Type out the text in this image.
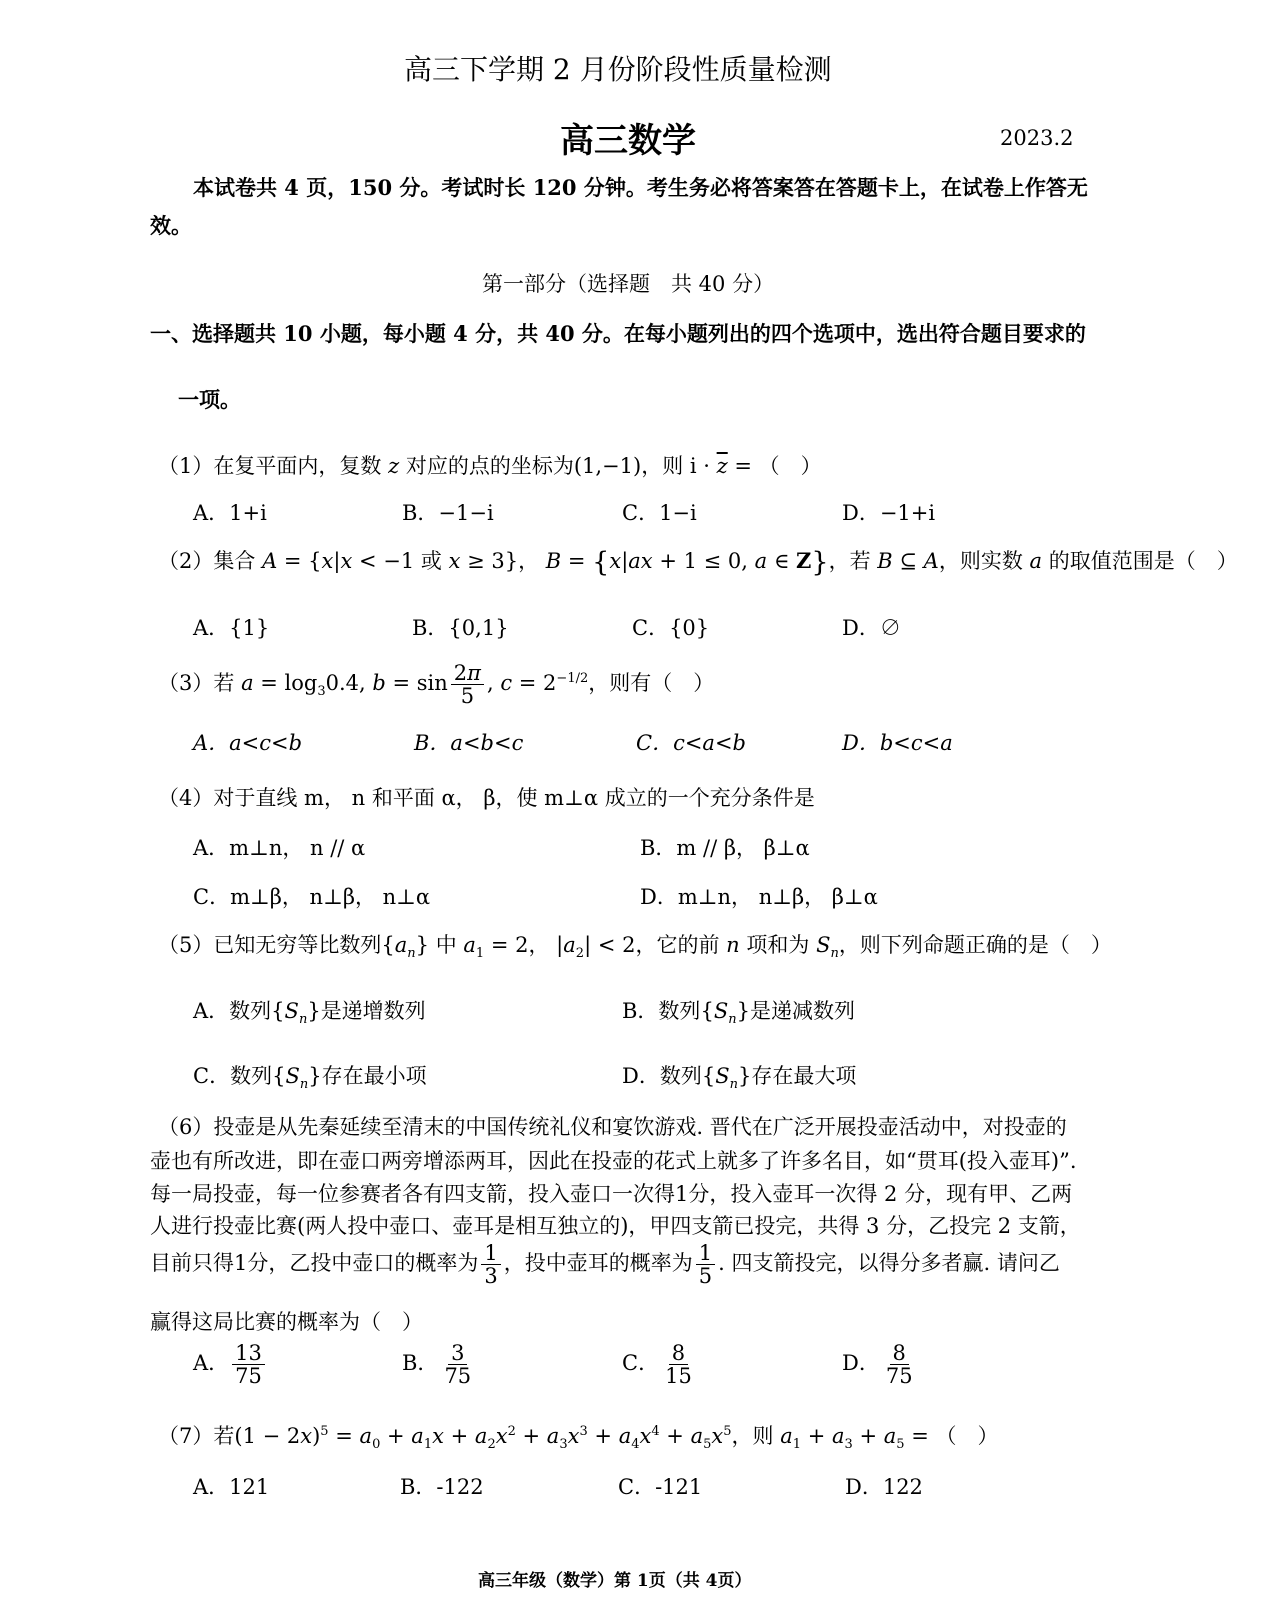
高三下学期 2 月份阶段性质量检测
高三数学	2023.2
本试卷共 4 页，150 分。考试时长 120 分钟。考生务必将答案答在答题卡上，在试卷上作答无
效。
第一部分（选择题　共 40 分）
一、选择题共 10 小题，每小题 4 分，共 40 分。在每小题列出的四个选项中，选出符合题目要求的
一项。
（1）在复平面内，复数 z 对应的点的坐标为(1,−1)，则 $i \cdot \overline{z}$ = （　）
A．1+i	B．−1−i	C．1−i	D．−1+i
（2）集合 A = {x|x < −1 或 x ≥ 3}， B = {x|ax + 1 ≤ 0, a ∈ Z}，若 B ⊆ A，则实数 a 的取值范围是（　）
A．{1}	B．{0,1}	C．{0}	D．∅
（3）若 $a = \log_30.4$, $b = \sin \frac{2\pi}{5}$ , $c = 2^{-1/2}$，则有（　）
A．a<c<b	B．a<b<c	C．c<a<b	D．b<c<a
（4）对于直线 m， n 和平面 α， β，使 m⊥α 成立的一个充分条件是
A．m⊥n， n // α	B．m // β， β⊥α
C．m⊥β， n⊥β， n⊥α	D．m⊥n， n⊥β， β⊥α
（5）已知无穷等比数列$\{a_n\}$ 中 $a_1 = 2$， $|a_2| < 2$，它的前 n 项和为 $S_n$，则下列命题正确的是（　）
A．数列$\{S_n\}$是递增数列	B．数列$\{S_n\}$是递减数列
C．数列$\{S_n\}$存在最小项	D．数列$\{S_n\}$存在最大项
（6）投壶是从先秦延续至清末的中国传统礼仪和宴饮游戏. 晋代在广泛开展投壶活动中，对投壶的
壶也有所改进，即在壶口两旁增添两耳，因此在投壶的花式上就多了许多名目，如“贯耳(投入壶耳)”.
每一局投壶，每一位参赛者各有四支箭，投入壶口一次得1分，投入壶耳一次得 2 分，现有甲、乙两
人进行投壶比赛(两人投中壶口、壶耳是相互独立的)，甲四支箭已投完，共得 3 分，乙投完 2 支箭，
目前只得1分，乙投中壶口的概率为 $\frac{1}{3}$ ，投中壶耳的概率为 $\frac{1}{5}$ . 四支箭投完，以得分多者赢. 请问乙
赢得这局比赛的概率为（　）
A． $\frac{13}{75}$	B． $\frac{3}{75}$	C． $\frac{8}{15}$	D． $\frac{8}{75}$
（7）若$(1 - 2x)^5 = a_0 + a_1x + a_2x^2 + a_3x^3 + a_4x^4 + a_5x^5$，则 $a_1 + a_3 + a_5$ = （　）
A．121	B．-122	C．-121	D．122
高三年级（数学）第 1页（共 4页）
